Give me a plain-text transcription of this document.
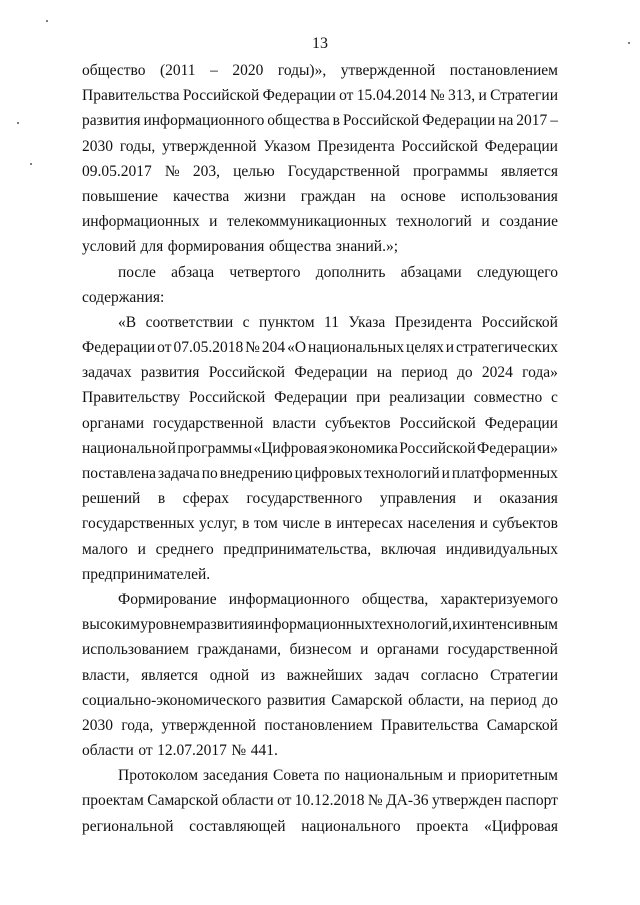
13
общество (2011 – 2020 годы)», утвержденной постановлением
Правительства Российской Федерации от 15.04.2014 № 313, и Стратегии
развития информационного общества в Российской Федерации на 2017 –
2030 годы, утвержденной Указом Президента Российской Федерации
09.05.2017 № 203, целью Государственной программы является
повышение качества жизни граждан на основе использования
информационных и телекоммуникационных технологий и создание
условий для формирования общества знаний.»;
после абзаца четвертого дополнить абзацами следующего
содержания:
«В соответствии с пунктом 11 Указа Президента Российской
Федерации от 07.05.2018 № 204 «О национальных целях и стратегических
задачах развития Российской Федерации на период до 2024 года»
Правительству Российской Федерации при реализации совместно с
органами государственной власти субъектов Российской Федерации
национальной программы «Цифровая экономика Российской Федерации»
поставлена задача по внедрению цифровых технологий и платформенных
решений в сферах государственного управления и оказания
государственных услуг, в том числе в интересах населения и субъектов
малого и среднего предпринимательства, включая индивидуальных
предпринимателей.
Формирование информационного общества, характеризуемого
высоким уровнем развития информационных технологий, их интенсивным
использованием гражданами, бизнесом и органами государственной
власти, является одной из важнейших задач согласно Стратегии
социально-экономического развития Самарской области, на период до
2030 года, утвержденной постановлением Правительства Самарской
области от 12.07.2017 № 441.
Протоколом заседания Совета по национальным и приоритетным
проектам Самарской области от 10.12.2018 № ДА-36 утвержден паспорт
региональной составляющей национального проекта «Цифровая
